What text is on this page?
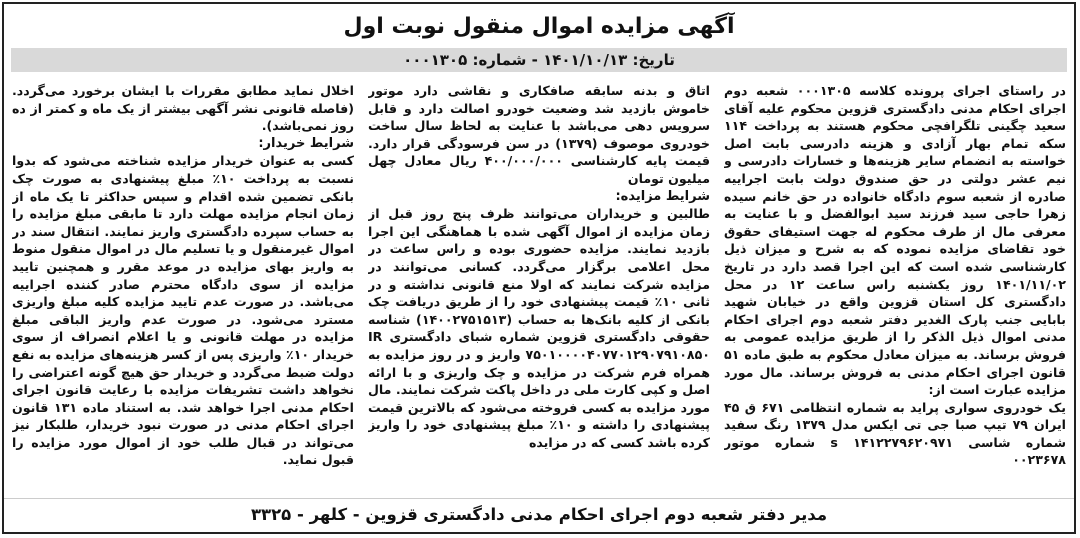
آگهی مزایده اموال منقول نوبت اول
تاریخ: ۱۴۰۱/۱۰/۱۳ - شماره: ۰۰۰۱۳۰۵

در راستای اجرای پرونده کلاسه ۰۰۰۱۳۰۵ شعبه دوم اجرای احکام مدنی دادگستری قزوین محکوم علیه آقای سعید چگینی تلگرافچی محکوم هستند به پرداخت ۱۱۴ سکه تمام بهار آزادی و هزینه دادرسی بابت اصل خواسته به انضمام سایر هزینه‌ها و خسارات دادرسی و نیم عشر دولتی در حق صندوق دولت بابت اجراییه صادره از شعبه سوم دادگاه خانواده در حق خانم سیده زهرا حاجی سید فرزند سید ابوالفضل و با عنایت به معرفی مال از طرف محکوم له جهت استیفای حقوق خود تقاضای مزایده نموده که به شرح و میزان ذیل کارشناسی شده است که این اجرا قصد دارد در تاریخ ۱۴۰۱/۱۱/۰۲ روز یکشنبه راس ساعت ۱۲ در محل دادگستری کل استان قزوین واقع در خیابان شهید بابایی جنب پارک الغدیر دفتر شعبه دوم اجرای احکام مدنی اموال ذیل الذکر را از طریق مزایده عمومی به فروش برساند. به میزان معادل محکوم به طبق ماده ۵۱ قانون اجرای احکام مدنی به فروش برساند. مال مورد مزایده عبارت است از:

یک خودروی سواری پراید به شماره انتظامی ۶۷۱ ق ۴۵ ایران ۷۹ تیپ صبا جی تی ایکس مدل ۱۳۷۹ رنگ سفید شماره شاسی s ۱۴۱۲۲۷۹۶۲۰۹۷۱ شماره موتور ۰۰۲۳۶۷۸

اتاق و بدنه سابقه صافکاری و نقاشی دارد موتور خاموش بازدید شد وضعیت خودرو اصالت دارد و قابل سرویس دهی می‌باشد با عنایت به لحاظ سال ساخت خودروی موصوف (۱۳۷۹) در سن فرسودگی قرار دارد. قیمت پایه کارشناسی ۴۰۰/۰۰۰/۰۰۰ ریال معادل چهل میلیون تومان

شرایط مزایده:

طالبین و خریداران می‌توانند ظرف پنج روز قبل از زمان مزایده از اموال آگهی شده با هماهنگی این اجرا بازدید نمایند. مزایده حضوری بوده و راس ساعت در محل اعلامی برگزار می‌گردد. کسانی می‌توانند در مزایده شرکت نمایند که اولا منع قانونی نداشته و در ثانی ۱۰٪ قیمت پیشنهادی خود را از طریق دریافت چک بانکی از کلیه بانک‌ها به حساب (۱۴۰۰۲۷۵۱۵۱۳) شناسه حقوقی دادگستری قزوین شماره شبای دادگستری IR ۷۵۰۱۰۰۰۰۴۰۷۷۰۱۲۹۰۷۹۱۰۸۵۰ واریز و در روز مزایده به همراه فرم شرکت در مزایده و چک واریزی و با ارائه اصل و کپی کارت ملی در داخل پاکت شرکت نمایند. مال مورد مزایده به کسی فروخته می‌شود که بالاترین قیمت پیشنهادی را داشته و ۱۰٪ مبلغ پیشنهادی خود را واریز کرده باشد کسی که در مزایده

اخلال نماید مطابق مقررات با ایشان برخورد می‌گردد. (فاصله قانونی نشر آگهی بیشتر از یک ماه و کمتر از ده روز نمی‌باشد).

شرایط خریدار:

کسی به عنوان خریدار مزایده شناخته می‌شود که بدوا نسبت به پرداخت ۱۰٪ مبلغ پیشنهادی به صورت چک بانکی تضمین شده اقدام و سپس حداکثر تا یک ماه از زمان انجام مزایده مهلت دارد تا مابقی مبلغ مزایده را به حساب سپرده دادگستری واریز نمایند. انتقال سند در اموال غیرمنقول و یا تسلیم مال در اموال منقول منوط به واریز بهای مزایده در موعد مقرر و همچنین تایید مزایده از سوی دادگاه محترم صادر کننده اجراییه می‌باشد. در صورت عدم تایید مزایده کلیه مبلغ واریزی مسترد می‌شود. در صورت عدم واریز الباقی مبلغ مزایده در مهلت قانونی و یا اعلام انصراف از سوی خریدار ۱۰٪ واریزی پس از کسر هزینه‌های مزایده به نفع دولت ضبط می‌گردد و خریدار حق هیچ گونه اعتراضی را نخواهد داشت تشریفات مزایده با رعایت قانون اجرای احکام مدنی اجرا خواهد شد. به استناد ماده ۱۳۱ قانون اجرای احکام مدنی در صورت نبود خریدار، طلبکار نیز می‌تواند در قبال طلب خود از اموال مورد مزایده را قبول نماید.

مدیر دفتر شعبه دوم اجرای احکام مدنی دادگستری قزوین - کلهر - ۳۳۲۵
